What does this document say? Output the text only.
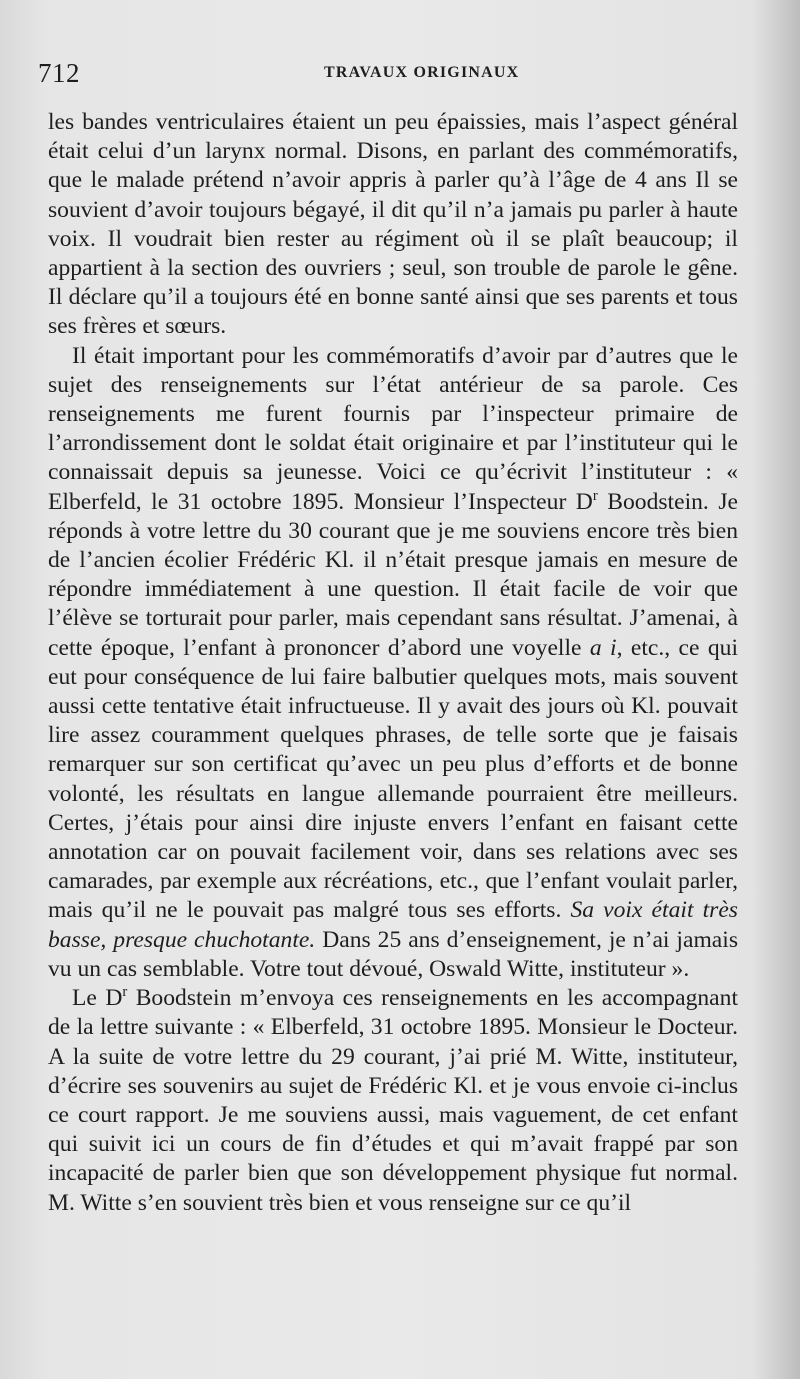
712	TRAVAUX ORIGINAUX

les bandes ventriculaires étaient un peu épaissies, mais l’aspect général était celui d’un larynx normal. Disons, en parlant des commémoratifs, que le malade prétend n’avoir appris à parler qu’à l’âge de 4 ans Il se souvient d’avoir toujours bégayé, il dit qu’il n’a jamais pu parler à haute voix. Il voudrait bien rester au régiment où il se plaît beaucoup; il appartient à la section des ouvriers ; seul, son trouble de parole le gêne. Il déclare qu’il a toujours été en bonne santé ainsi que ses parents et tous ses frères et sœurs.

Il était important pour les commémoratifs d’avoir par d’autres que le sujet des renseignements sur l’état antérieur de sa parole. Ces renseignements me furent fournis par l’inspecteur primaire de l’arrondissement dont le soldat était originaire et par l’instituteur qui le connaissait depuis sa jeunesse. Voici ce qu’écrivit l’instituteur : « Elberfeld, le 31 octobre 1895. Monsieur l’Inspecteur $D^r$ Boodstein. Je réponds à votre lettre du 30 courant que je me souviens encore très bien de l’ancien écolier Frédéric Kl. il n’était presque jamais en mesure de répondre immédiatement à une question. Il était facile de voir que l’élève se torturait pour parler, mais cependant sans résultat. J’amenai, à cette époque, l’enfant à prononcer d’abord une voyelle a i, etc., ce qui eut pour conséquence de lui faire balbutier quelques mots, mais souvent aussi cette tentative était infructueuse. Il y avait des jours où Kl. pouvait lire assez couramment quelques phrases, de telle sorte que je faisais remarquer sur son certificat qu’avec un peu plus d’efforts et de bonne volonté, les résultats en langue allemande pourraient être meilleurs. Certes, j’étais pour ainsi dire injuste envers l’enfant en faisant cette annotation car on pouvait facilement voir, dans ses relations avec ses camarades, par exemple aux récréations, etc., que l’enfant voulait parler, mais qu’il ne le pouvait pas malgré tous ses efforts. Sa voix était très basse, presque chuchotante. Dans 25 ans d’enseignement, je n’ai jamais vu un cas semblable. Votre tout dévoué, Oswald Witte, instituteur ».

Le $D^r$ Boodstein m’envoya ces renseignements en les accompagnant de la lettre suivante : « Elberfeld, 31 octobre 1895. Monsieur le Docteur. A la suite de votre lettre du 29 courant, j’ai prié M. Witte, instituteur, d’écrire ses souvenirs au sujet de Frédéric Kl. et je vous envoie ci-inclus ce court rapport. Je me souviens aussi, mais vaguement, de cet enfant qui suivit ici un cours de fin d’études et qui m’avait frappé par son incapacité de parler bien que son développement physique fut normal. M. Witte s’en souvient très bien et vous renseigne sur ce qu’il
